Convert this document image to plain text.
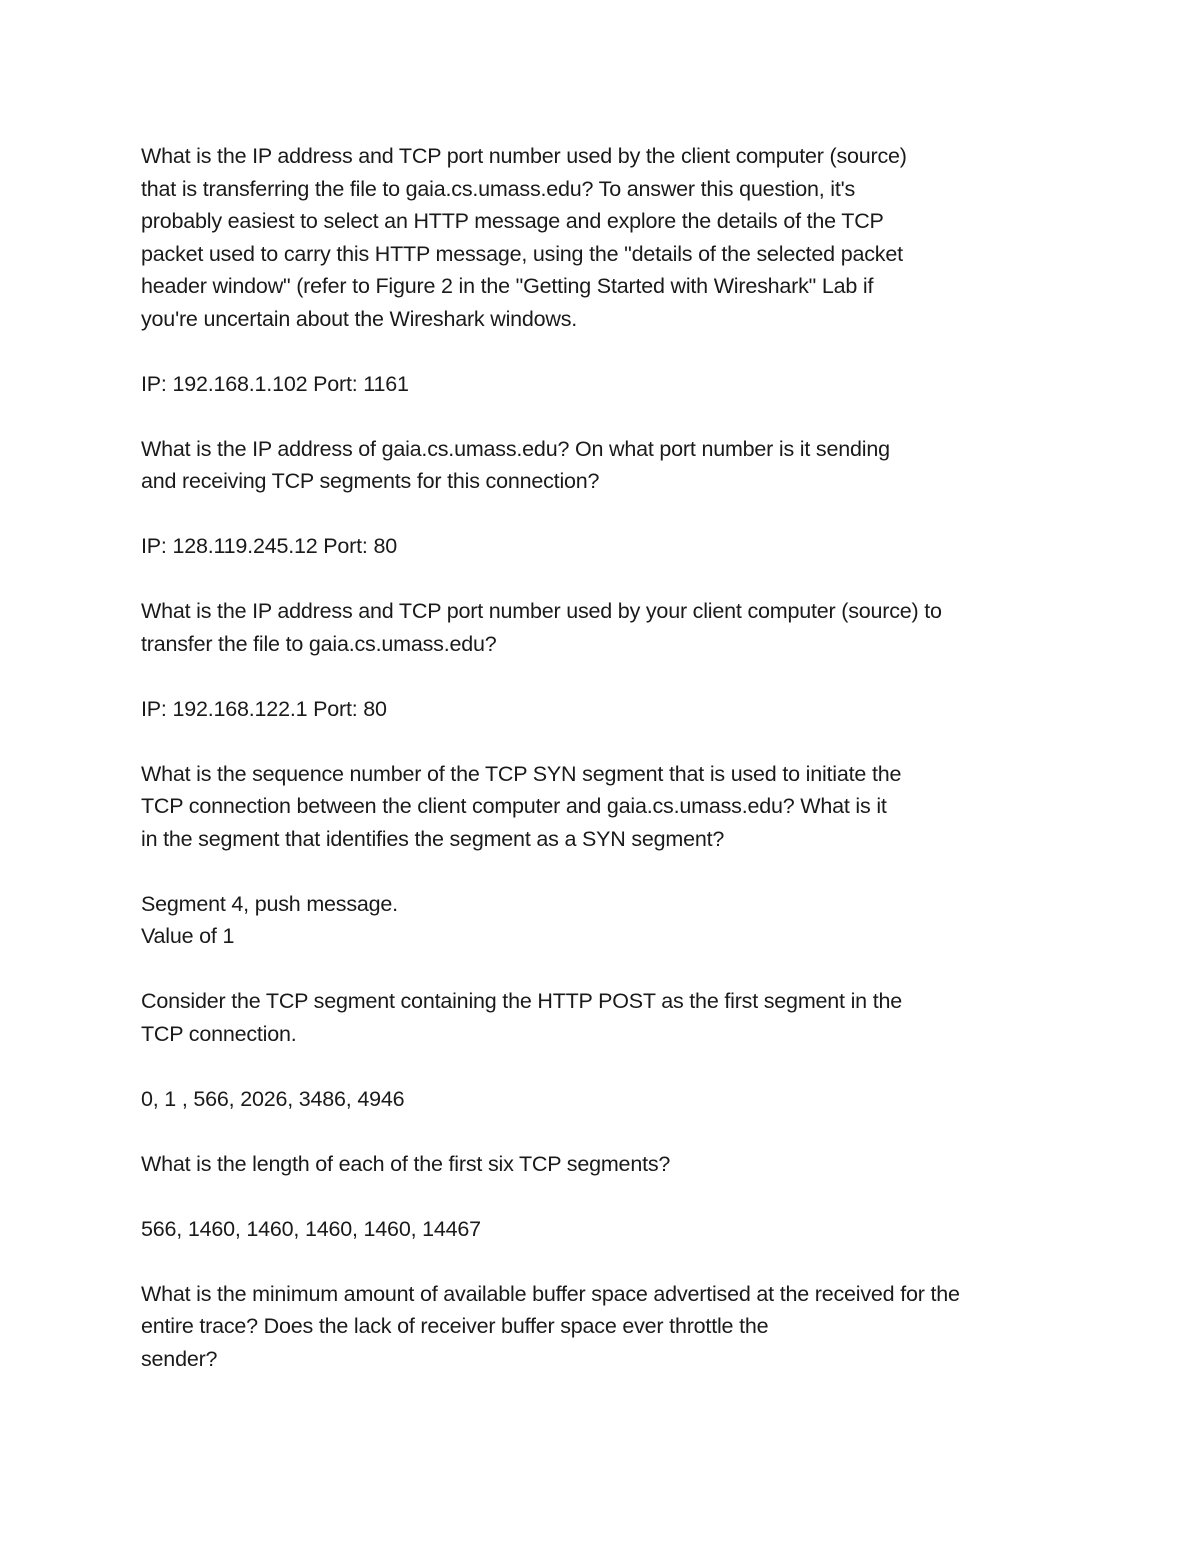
What is the IP address and TCP port number used by the client computer (source)
that is transferring the file to gaia.cs.umass.edu? To answer this question, it's
probably easiest to select an HTTP message and explore the details of the TCP
packet used to carry this HTTP message, using the "details of the selected packet
header window" (refer to Figure 2 in the "Getting Started with Wireshark" Lab if
you're uncertain about the Wireshark windows.
IP: 192.168.1.102 Port: 1161
What is the IP address of gaia.cs.umass.edu? On what port number is it sending
and receiving TCP segments for this connection?
IP: 128.119.245.12 Port: 80
What is the IP address and TCP port number used by your client computer (source) to
transfer the file to gaia.cs.umass.edu?
IP: 192.168.122.1 Port: 80
What is the sequence number of the TCP SYN segment that is used to initiate the
TCP connection between the client computer and gaia.cs.umass.edu? What is it
in the segment that identifies the segment as a SYN segment?
Segment 4, push message.
Value of 1
Consider the TCP segment containing the HTTP POST as the first segment in the
TCP connection.
0, 1 , 566, 2026, 3486, 4946
What is the length of each of the first six TCP segments?
566, 1460, 1460, 1460, 1460, 14467
What is the minimum amount of available buffer space advertised at the received for the
entire trace? Does the lack of receiver buffer space ever throttle the
sender?
